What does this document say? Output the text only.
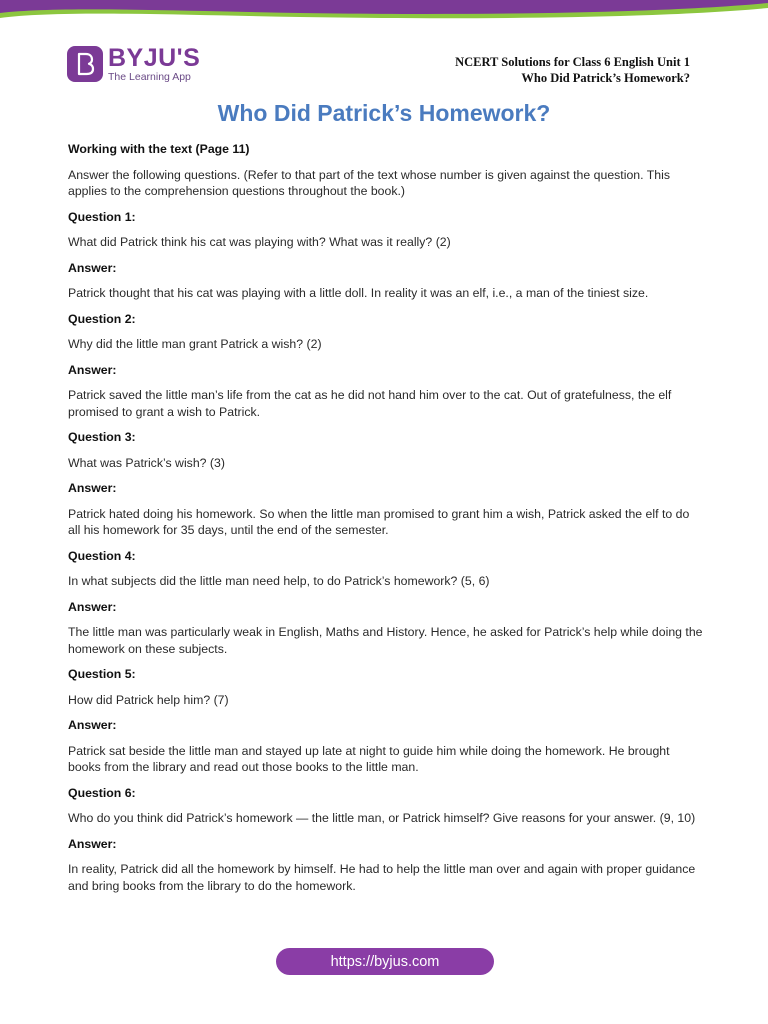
BYJU'S
The Learning App
NCERT Solutions for Class 6 English Unit 1
Who Did Patrick’s Homework?
Who Did Patrick’s Homework?

Working with the text (Page 11)

Answer the following questions. (Refer to that part of the text whose number is given against the question. This applies to the comprehension questions throughout the book.)

Question 1:

What did Patrick think his cat was playing with? What was it really? (2)

Answer:

Patrick thought that his cat was playing with a little doll. In reality it was an elf, i.e., a man of the tiniest size.

Question 2:

Why did the little man grant Patrick a wish? (2)

Answer:

Patrick saved the little man’s life from the cat as he did not hand him over to the cat. Out of gratefulness, the elf promised to grant a wish to Patrick.

Question 3:

What was Patrick’s wish? (3)

Answer:

Patrick hated doing his homework. So when the little man promised to grant him a wish, Patrick asked the elf to do all his homework for 35 days, until the end of the semester.

Question 4:

In what subjects did the little man need help, to do Patrick’s homework? (5, 6)

Answer:

The little man was particularly weak in English, Maths and History. Hence, he asked for Patrick’s help while doing the homework on these subjects.

Question 5:

How did Patrick help him? (7)

Answer:

Patrick sat beside the little man and stayed up late at night to guide him while doing the homework. He brought books from the library and read out those books to the little man.

Question 6:

Who do you think did Patrick’s homework — the little man, or Patrick himself? Give reasons for your answer. (9, 10)

Answer:

In reality, Patrick did all the homework by himself. He had to help the little man over and again with proper guidance and bring books from the library to do the homework.

https://byjus.com
